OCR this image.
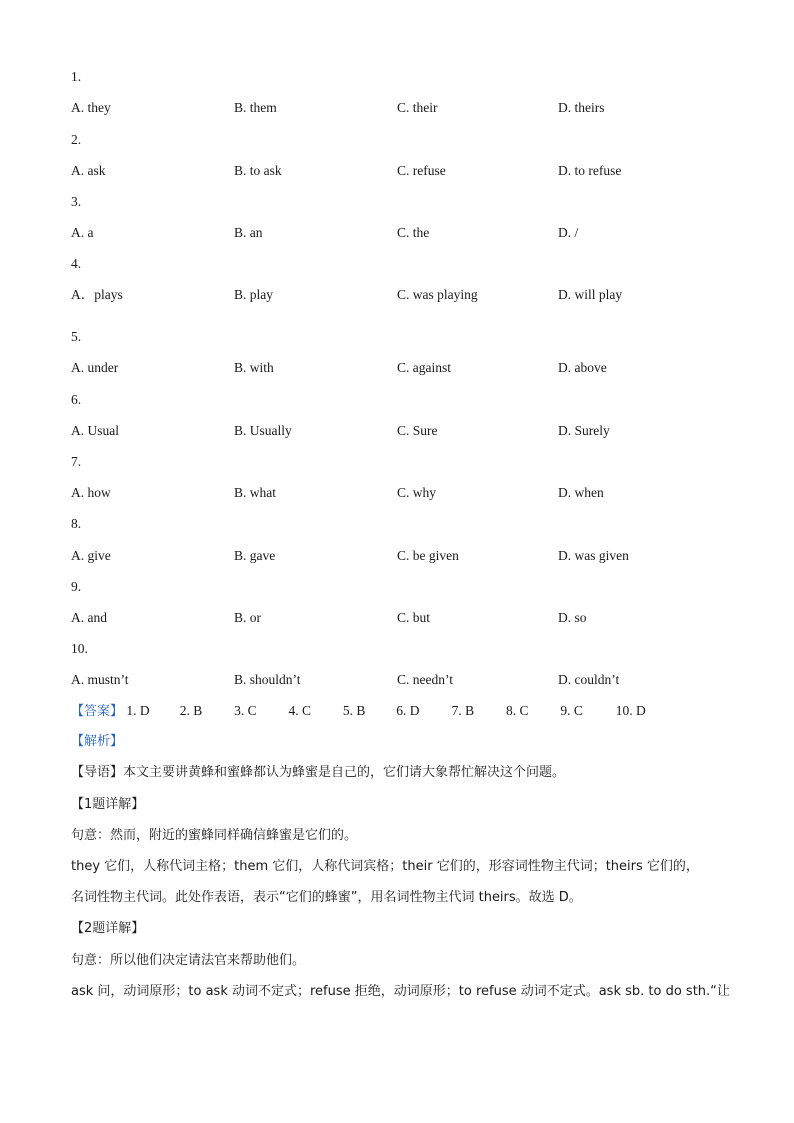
1.
A. they	B. them	C. their	D. theirs
2.
A. ask	B. to ask	C. refuse	D. to refuse
3.
A. a	B. an	C. the	D. /
4.
A．plays	B. play	C. was playing	D. will play
5.
A. under	B. with	C. against	D. above
6.
A. Usual	B. Usually	C. Sure	D. Surely
7.
A. how	B. what	C. why	D. when
8.
A. give	B. gave	C. be given	D. was given
9.
A. and	B. or	C. but	D. so
10.
A. mustn’t	B. shouldn’t	C. needn’t	D. couldn’t
【答案】 1. D 2. B 3. C 4. C 5. B 6. D 7. B 8. C 9. C 10. D
【解析】
【导语】本文主要讲黄蜂和蜜蜂都认为蜂蜜是自己的，它们请大象帮忙解决这个问题。
【1题详解】
句意：然而，附近的蜜蜂同样确信蜂蜜是它们的。
they 它们，人称代词主格；them 它们，人称代词宾格；their 它们的，形容词性物主代词；theirs 它们的，
名词性物主代词。此处作表语，表示“它们的蜂蜜”，用名词性物主代词 theirs。故选 D。
【2题详解】
句意：所以他们决定请法官来帮助他们。
ask 问，动词原形；to ask 动词不定式；refuse 拒绝，动词原形；to refuse 动词不定式。ask sb. to do sth.“让
